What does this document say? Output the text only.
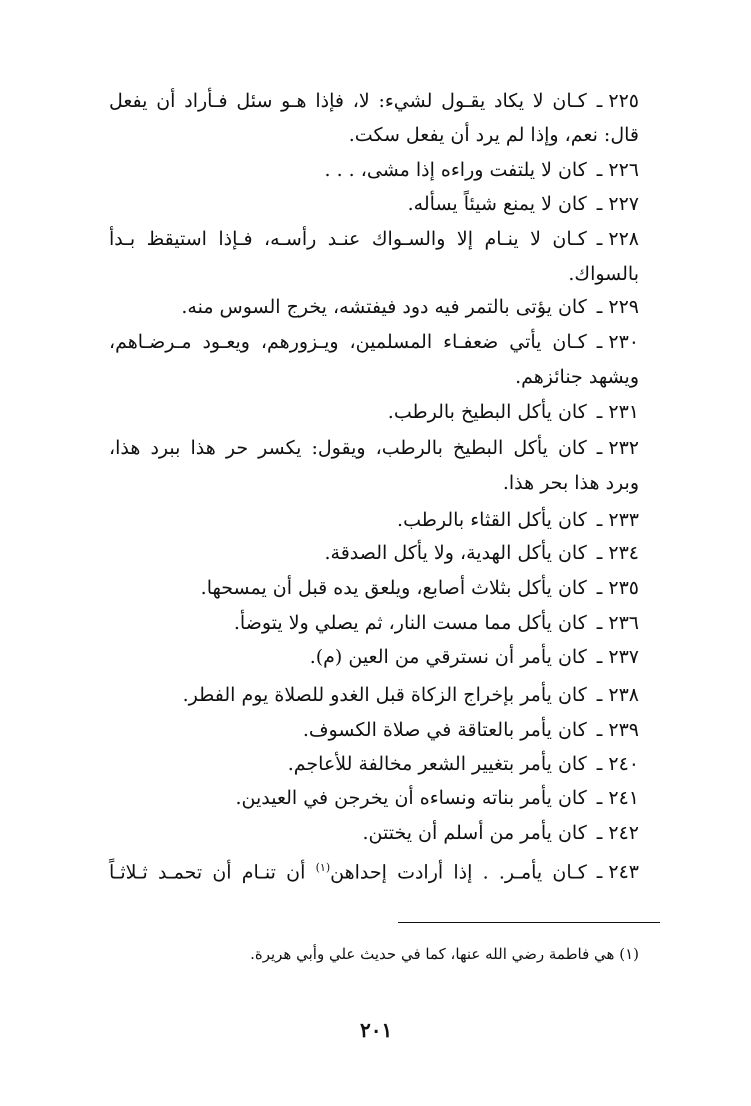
٢٢٥ ـكـان لا يكاد يقـول لشيء: لا، فإذا هـو سئل فـأراد أن يفعل
قال: نعم، وإذا لم يرد أن يفعل سكت.
٢٢٦ ـكان لا يلتفت وراءه إذا مشى، . . .
٢٢٧ ـكان لا يمنع شيئاً يسأله.
٢٢٨ ـكـان لا ينـام إلا والسـواك عنـد رأسـه، فـإذا استيقظ بـدأ
بالسواك.
٢٢٩ ـكان يؤتى بالتمر فيه دود فيفتشه، يخرج السوس منه.
٢٣٠ ـكـان يأتي ضعفـاء المسلمين، ويـزورهم، ويعـود مـرضـاهم،
ويشهد جنائزهم.
٢٣١ ـكان يأكل البطيخ بالرطب.
٢٣٢ ـكان يأكل البطيخ بالرطب، ويقول: يكسر حر هذا ببرد هذا،
وبرد هذا بحر هذا.
٢٣٣ ـكان يأكل القثاء بالرطب.
٢٣٤ ـكان يأكل الهدية، ولا يأكل الصدقة.
٢٣٥ ـكان يأكل بثلاث أصابع، ويلعق يده قبل أن يمسحها.
٢٣٦ ـكان يأكل مما مست النار، ثم يصلي ولا يتوضأ.
٢٣٧ ـكان يأمر أن نسترقي من العين (م).
٢٣٨ ـكان يأمر بإخراج الزكاة قبل الغدو للصلاة يوم الفطر.
٢٣٩ ـكان يأمر بالعتاقة في صلاة الكسوف.
٢٤٠ ـكان يأمر بتغيير الشعر مخالفة للأعاجم.
٢٤١ ـكان يأمر بناته ونساءه أن يخرجن في العيدين.
٢٤٢ ـكان يأمر من أسلم أن يختتن.
٢٤٣ ـكـان يأمـر. . إذا أرادت إحداهن$^{(١)}$ أن تنـام أن تحمـد ثـلاثـاً
(١) هي فاطمة رضي الله عنها، كما في حديث علي وأبي هريرة.
٢٠١
